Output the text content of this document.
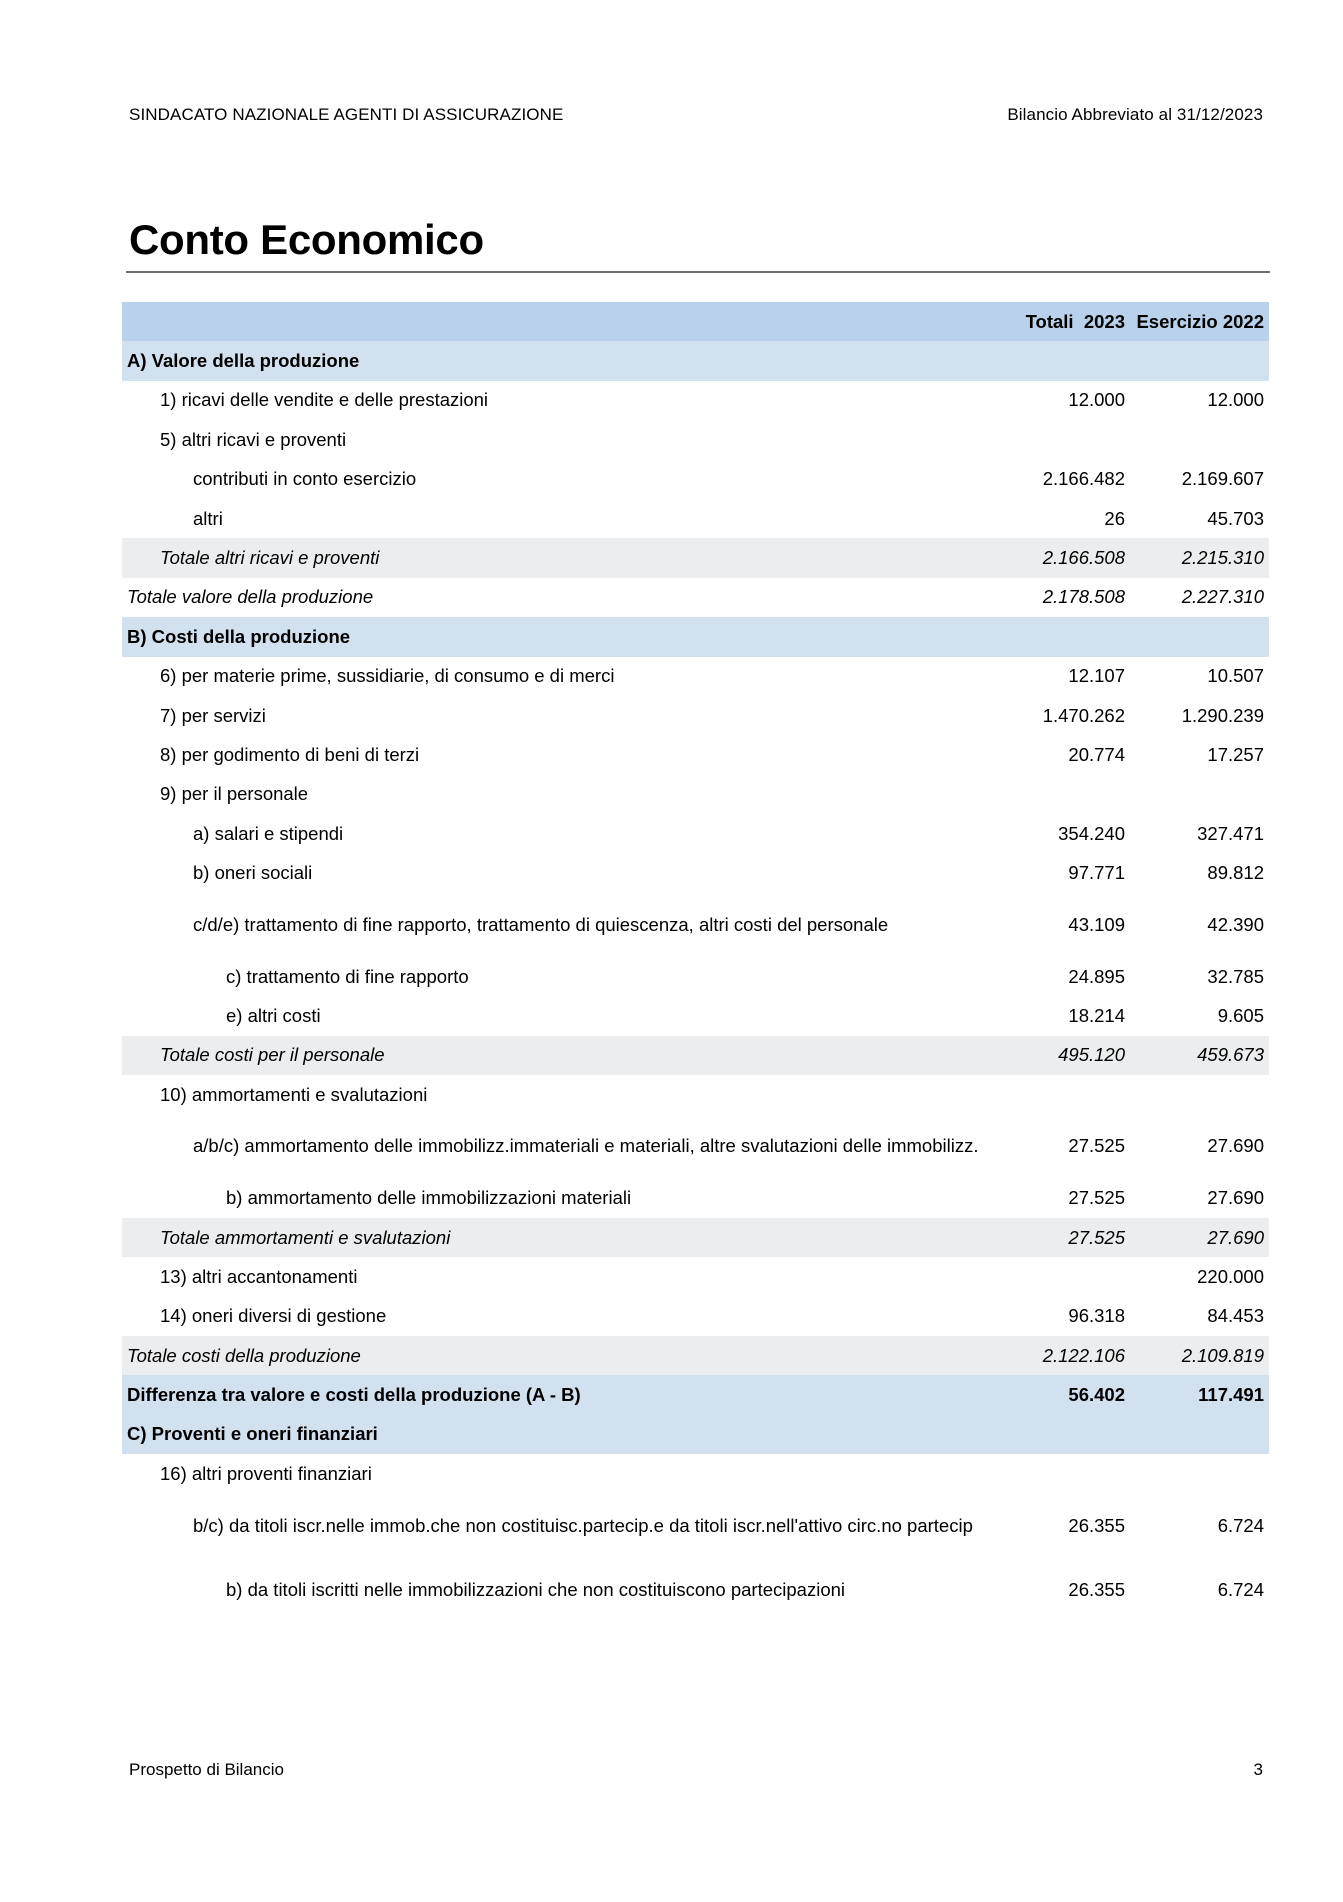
SINDACATO NAZIONALE AGENTI DI ASSICURAZIONE	Bilancio Abbreviato al 31/12/2023
Conto Economico
	Totali  2023	Esercizio 2022
A) Valore della produzione		
1) ricavi delle vendite e delle prestazioni	12.000	12.000
5) altri ricavi e proventi		
contributi in conto esercizio	2.166.482	2.169.607
altri	26	45.703
Totale altri ricavi e proventi	2.166.508	2.215.310
Totale valore della produzione	2.178.508	2.227.310
B) Costi della produzione		
6) per materie prime, sussidiarie, di consumo e di merci	12.107	10.507
7) per servizi	1.470.262	1.290.239
8) per godimento di beni di terzi	20.774	17.257
9) per il personale		
a) salari e stipendi	354.240	327.471
b) oneri sociali	97.771	89.812
c/d/e) trattamento di fine rapporto, trattamento di quiescenza, altri costi del personale	43.109	42.390
c) trattamento di fine rapporto	24.895	32.785
e) altri costi	18.214	9.605
Totale costi per il personale	495.120	459.673
10) ammortamenti e svalutazioni		
a/b/c) ammortamento delle immobilizz.immateriali e materiali, altre svalutazioni delle immobilizz.	27.525	27.690
b) ammortamento delle immobilizzazioni materiali	27.525	27.690
Totale ammortamenti e svalutazioni	27.525	27.690
13) altri accantonamenti		220.000
14) oneri diversi di gestione	96.318	84.453
Totale costi della produzione	2.122.106	2.109.819
Differenza tra valore e costi della produzione (A - B)	56.402	117.491
C) Proventi e oneri finanziari		
16) altri proventi finanziari		
b/c) da titoli iscr.nelle immob.che non costituisc.partecip.e da titoli iscr.nell'attivo circ.no partecip	26.355	6.724
b) da titoli iscritti nelle immobilizzazioni che non costituiscono partecipazioni	26.355	6.724
Prospetto di Bilancio	3
